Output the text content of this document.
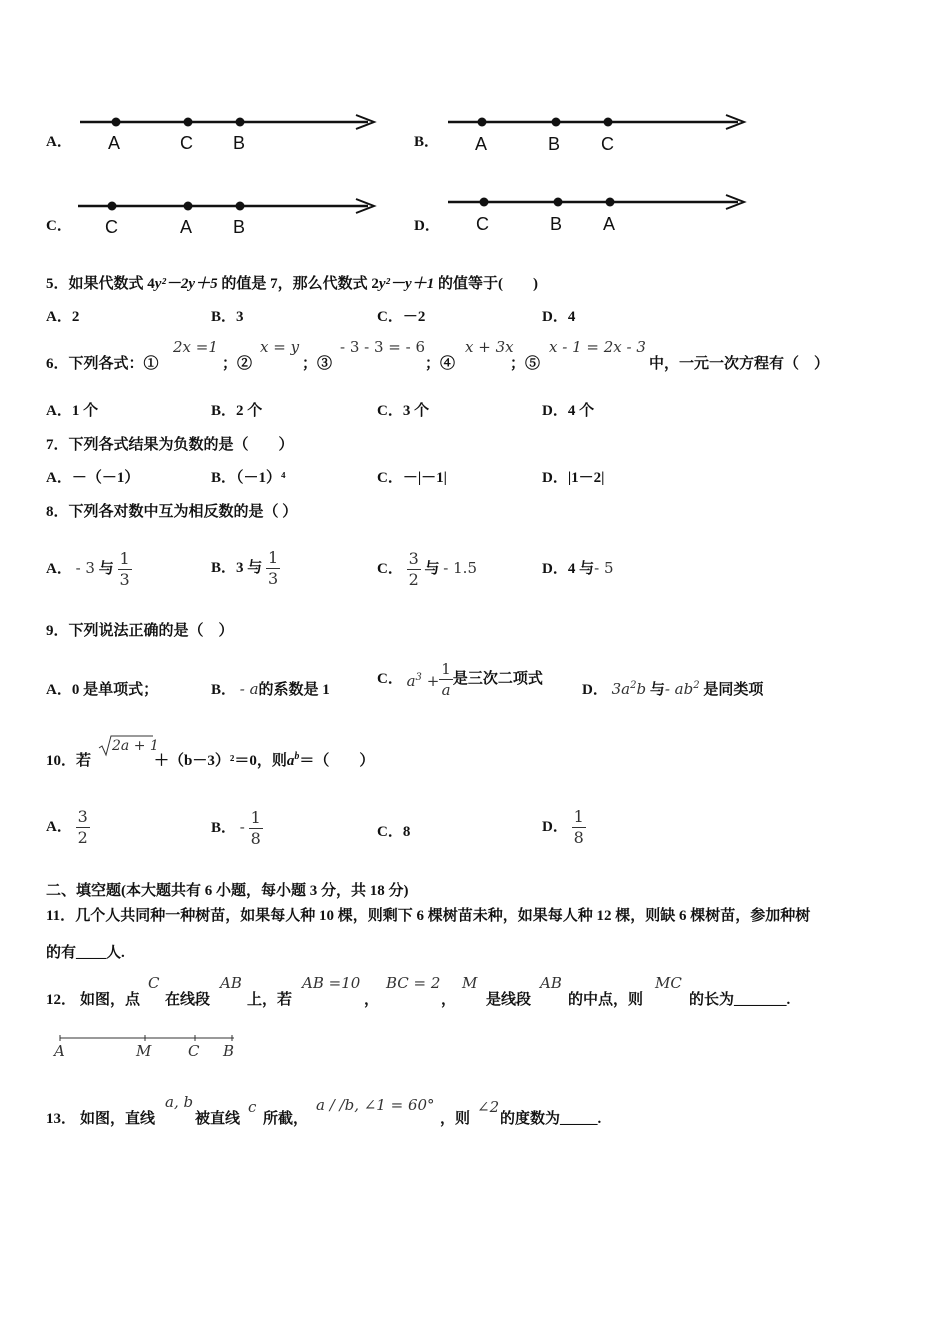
A． A	C B	B． A	B C
C． C	A B	D． C	B A
5．如果代数式 4y²－2y＋5 的值是 7，那么代数式 2y²－y＋1 的值等于(　　)
A．2	B．3	C．－2	D．4
6．下列各式：①
2x =1
；②
x = y
；③
- 3 - 3 = - 6
；④
x + 3x
；⑤
x - 1 = 2x - 3
中，一元一次方程有（　）
A．1 个	B．2 个	C．3 个	D．4 个
7．下列各式结果为负数的是（　　）
A．－（－1）	B．（－1）⁴	C．－|－1|	D．|1－2|
8．下列各对数中互为相反数的是（ ）
A． - 3 与 $\frac{1}{3}$	B．3 与 $\frac{1}{3}$	C． $\frac{3}{2}$ 与 - 1.5	D．4 与- 5
9．下列说法正确的是（　）
A．0 是单项式；	B． - a的系数是 1
C． $a^3 + \frac{1}{a}$ 是三次二项式
D． $3a^2b$ 与- $ab^2$ 是同类项
10．若
2a + 1
＋（b－3）²＝0，则$a^b=$（　　）
A． $\frac{3}{2}$	B． - $\frac{1}{8}$	C．8	D． $\frac{1}{8}$
二、填空题(本大题共有 6 小题，每小题 3 分，共 18 分)
11．几个人共同种一种树苗，如果每人种 10 棵，则剩下 6 棵树苗未种，如果每人种 12 棵，则缺 6 棵树苗，参加种树
的有____人.
12． 如图，点
C
在线段
AB
上，若
AB =10
，
BC = 2
，
M
是线段
AB
的中点，则
MC
的长为_______.
A	M C B
13． 如图，直线
a, b
被直线
c
所截，
a / /b, ∠1 = 60°
，则
∠2
的度数为_____.
